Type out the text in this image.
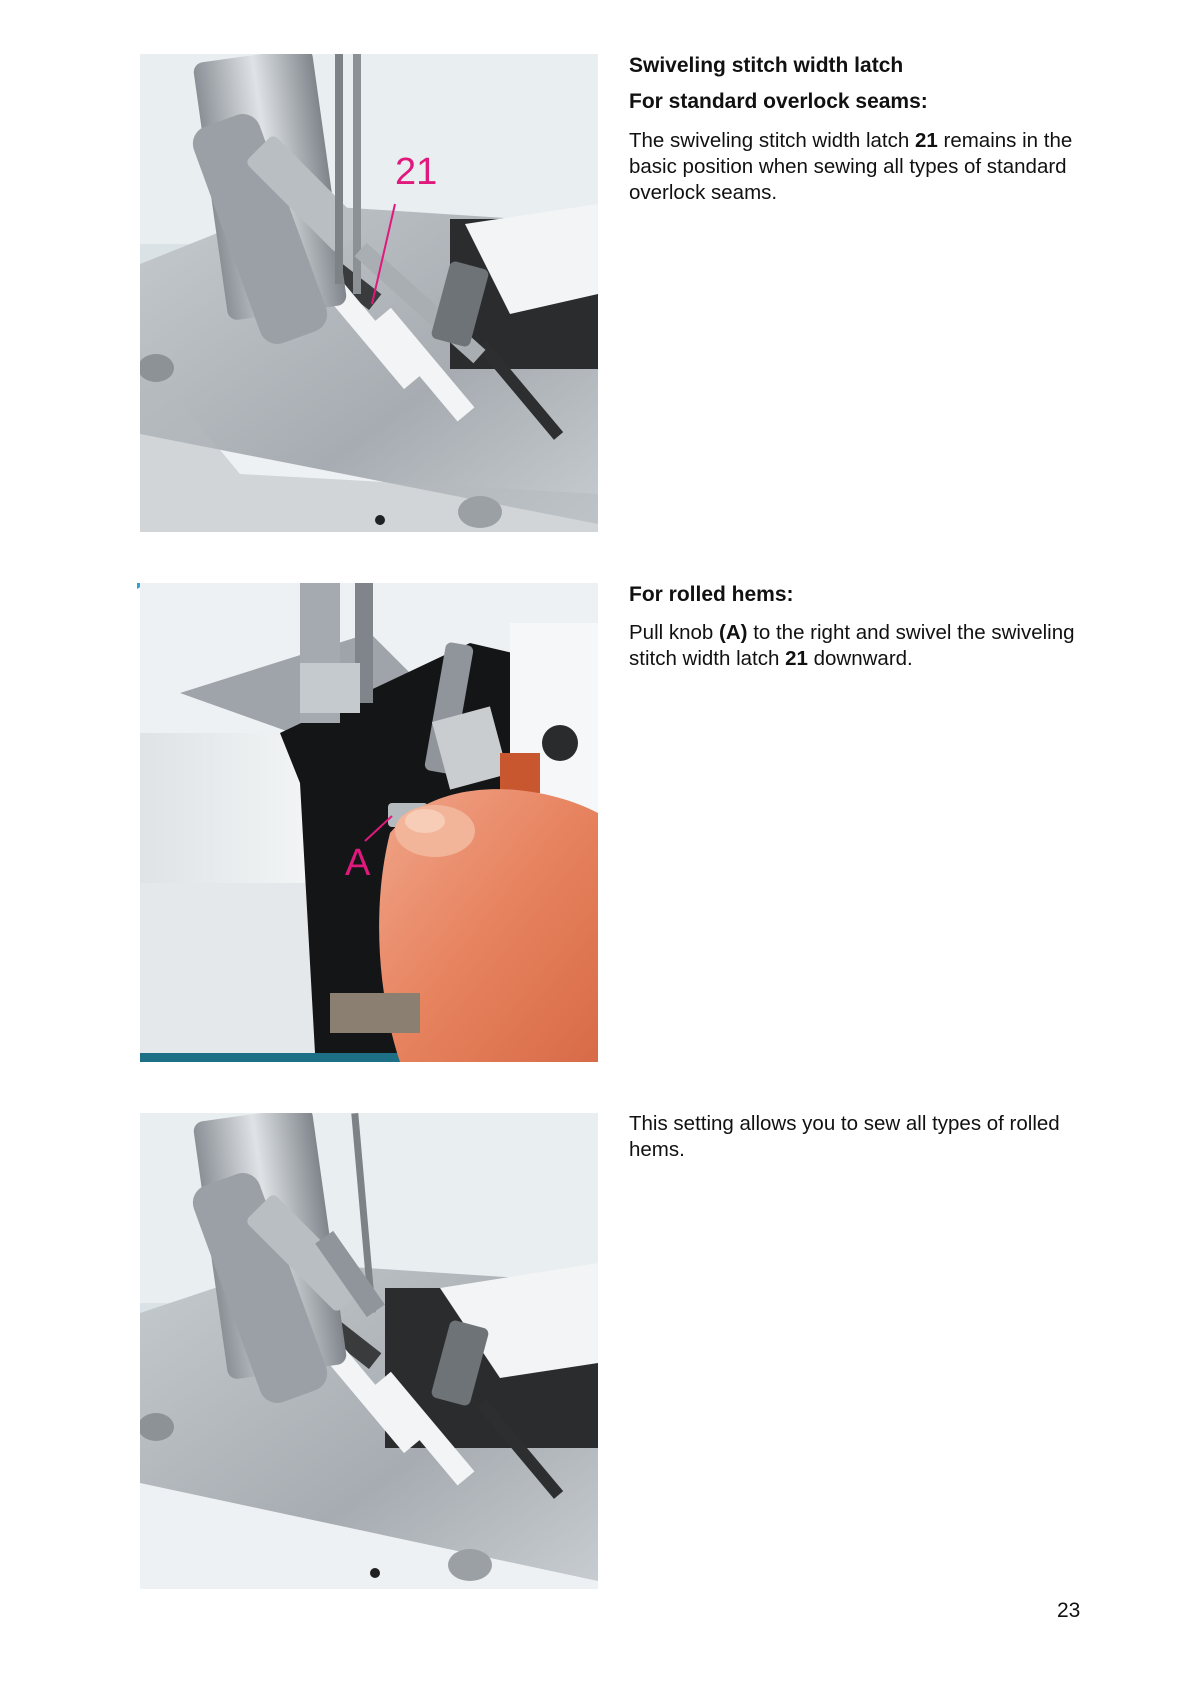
21
A

Swiveling stitch width latch

For standard overlock seams:

The swiveling stitch width latch 21 remains in the basic position when sewing all types of standard overlock seams.

For rolled hems:

Pull knob (A) to the right and swivel the swiveling stitch width latch 21 downward.

This setting allows you to sew all types of rolled hems.

23
